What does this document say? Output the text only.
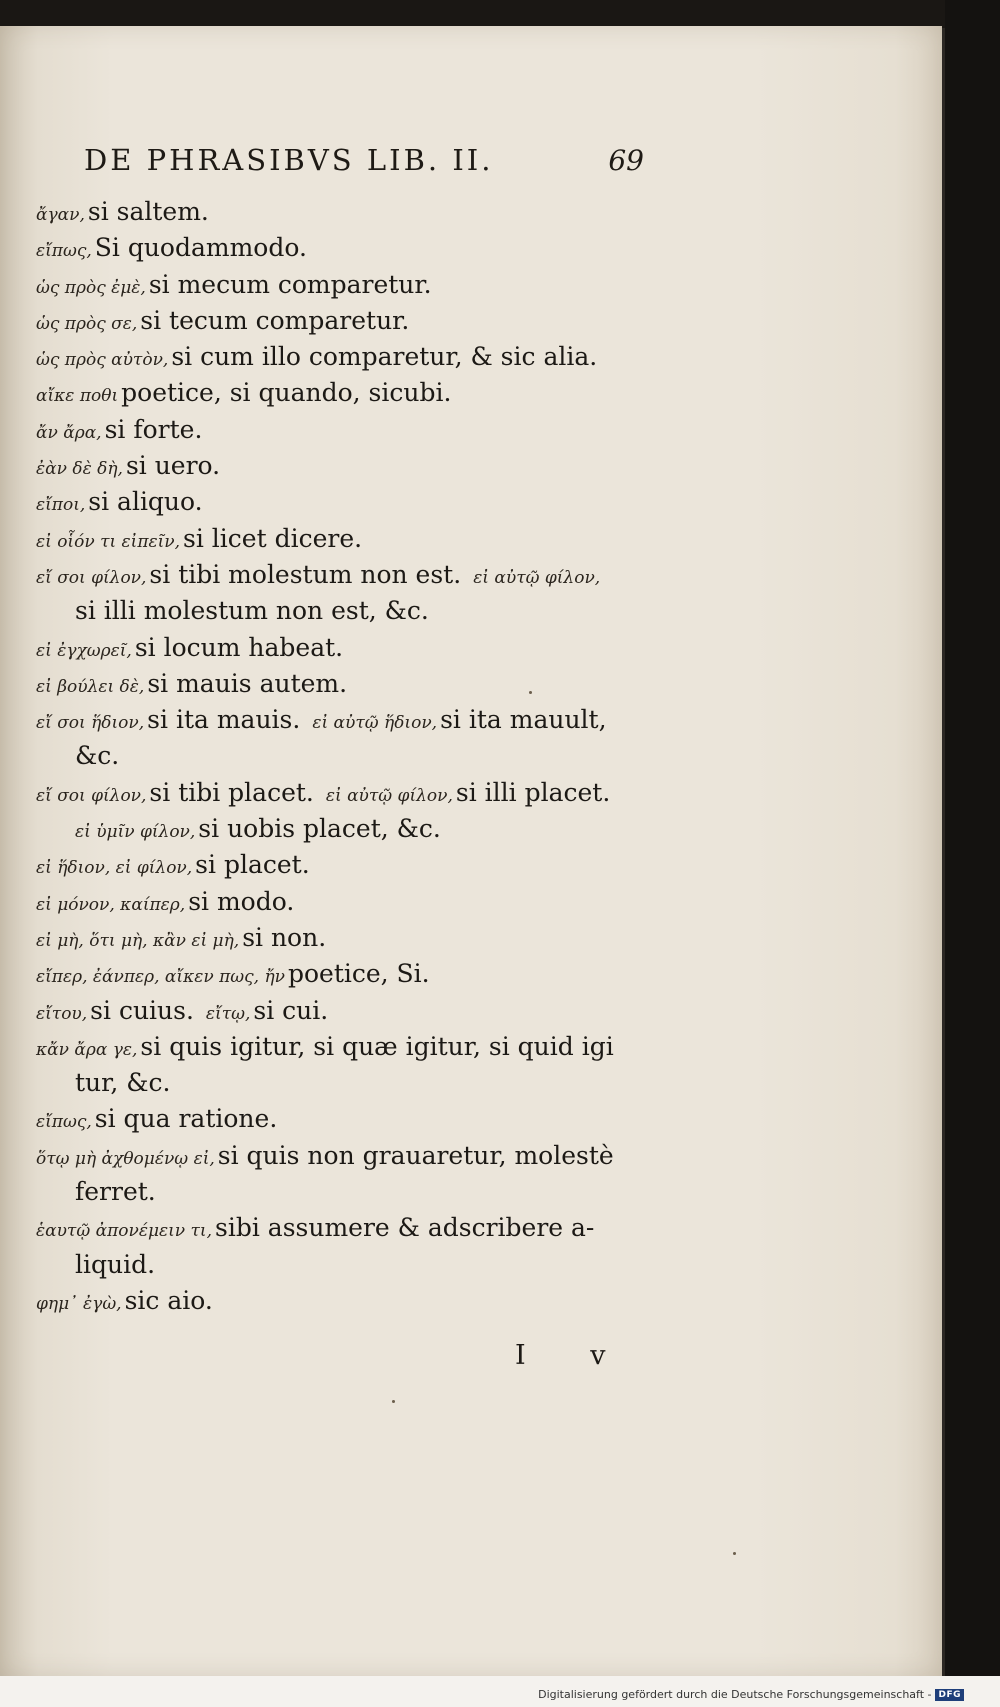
DE PHRASIBVS LIB. II.	69
ἄγαν, si saltem.
εἴπως, Si quodammodo.
ὡς πρὸς ἐμὲ, si mecum comparetur.
ὡς πρὸς σε, si tecum comparetur.
ὡς πρὸς αὐτὸν, si cum illo comparetur, & sic alia.
αἴκε ποθι poetice, si quando, sicubi.
ἄν ἄρα, si forte.
ἐὰν δὲ δὴ, si uero.
εἴποι, si aliquo.
εἰ οἷόν τι εἰπεῖν, si licet dicere.
εἴ σοι φίλον, si tibi molestum non est. εἰ αὐτῷ φίλον,
si illi molestum non est, &c.
εἰ ἐγχωρεῖ, si locum habeat.
εἰ βούλει δὲ, si mauis autem.
εἴ σοι ἥδιον, si ita mauis. εἰ αὐτῷ ἥδιον, si ita mauult,
&c.
εἴ σοι φίλον, si tibi placet. εἰ αὐτῷ φίλον, si illi placet.
εἰ ὑμῖν φίλον, si uobis placet, &c.
εἰ ἥδιον, εἰ φίλον, si placet.
εἰ μόνον, καίπερ, si modo.
εἰ μὴ, ὅτι μὴ, κἂν εἰ μὴ, si non.
εἴπερ, ἐάνπερ, αἴκεν πως, ἤν poetice, Si.
εἴτου, si cuius. εἴτῳ, si cui.
κἄν ἄρα γε, si quis igitur, si quæ igitur, si quid igi
tur, &c.
εἴπως, si qua ratione.
ὅτῳ μὴ ἀχθομένῳ εἰ, si quis non grauaretur, molestè
ferret.
ἑαυτῷ ἀπονέμειν τι, sibi assumere & adscribere a-
liquid.
φημ᾽ ἐγὼ, sic aio.
I v
Digitalisierung gefördert durch die Deutsche Forschungsgemeinschaft - DFG
